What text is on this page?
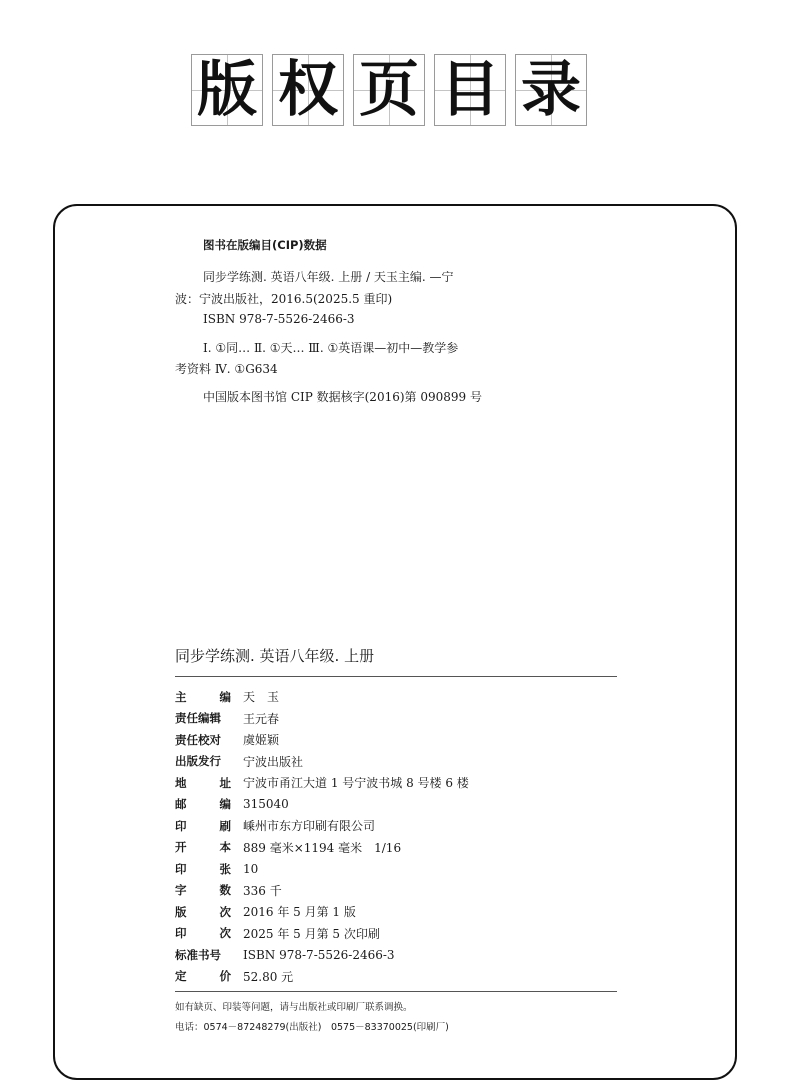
版 权 页 目 录
图书在版编目(CIP)数据
同步学练测. 英语八年级. 上册 / 天玉主编. —宁
波：宁波出版社，2016.5(2025.5 重印)
ISBN 978-7-5526-2466-3
Ⅰ. ①同… Ⅱ. ①天… Ⅲ. ①英语课—初中—教学参
考资料 Ⅳ. ①G634
中国版本图书馆 CIP 数据核字(2016)第 090899 号
同步学练测. 英语八年级. 上册
主	编 天　玉
责任编辑 王元春
责任校对 虞姬颖
出版发行 宁波出版社
地	址 宁波市甬江大道 1 号宁波书城 8 号楼 6 楼
邮	编 315040
印	刷 嵊州市东方印刷有限公司
开	本 889 毫米×1194 毫米　1/16
印	张 10
字	数 336 千
版	次 2016 年 5 月第 1 版
印	次 2025 年 5 月第 5 次印刷
标准书号 ISBN 978-7-5526-2466-3
定	价 52.80 元
如有缺页、印装等问题，请与出版社或印刷厂联系调换。
电话：0574－87248279(出版社)　0575－83370025(印刷厂)
